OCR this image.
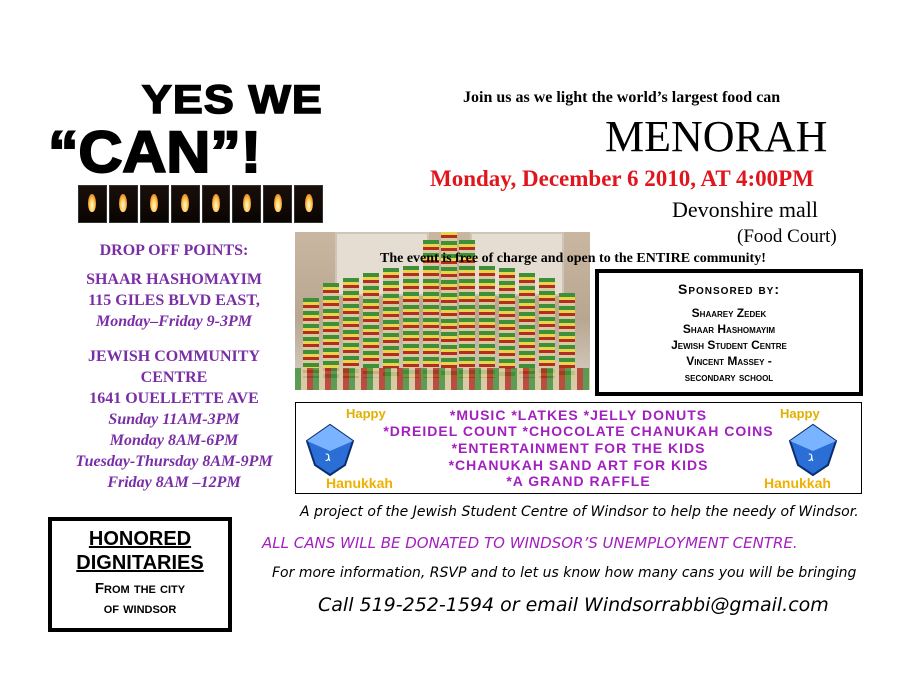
YES WE
“CAN”!
DROP OFF POINTS:
SHAAR HASHOMAYIM
115 GILES BLVD EAST,
Monday–Friday 9-3PM
JEWISH COMMUNITY
CENTRE
1641 OUELLETTE AVE
Sunday 11AM-3PM
Monday 8AM-6PM
Tuesday-Thursday 8AM-9PM
Friday 8AM –12PM
Join us as we light the world’s largest food can
MENORAH
Monday, December 6 2010, AT 4:00PM
Devonshire mall
(Food Court)
The event is free of charge and open to the ENTIRE community!
Sponsored by:
Shaarey Zedek
Shaar Hashomayim
Jewish Student Centre
Vincent Massey -
secondary school
Happy
ג
Hanukkah
*MUSIC *LATKES *JELLY DONUTS
*DREIDEL COUNT *CHOCOLATE CHANUKAH COINS
*ENTERTAINMENT FOR THE KIDS
*CHANUKAH SAND ART FOR KIDS
*A GRAND RAFFLE
Happy
ג
Hanukkah
HONORED
DIGNITARIES
From the city
of windsor
A project of the Jewish Student Centre of Windsor to help the needy of Windsor.
ALL CANS WILL BE DONATED TO WINDSOR’S UNEMPLOYMENT CENTRE.
For more information, RSVP and to let us know how many cans you will be bringing
Call 519-252-1594 or email Windsorrabbi@gmail.com
